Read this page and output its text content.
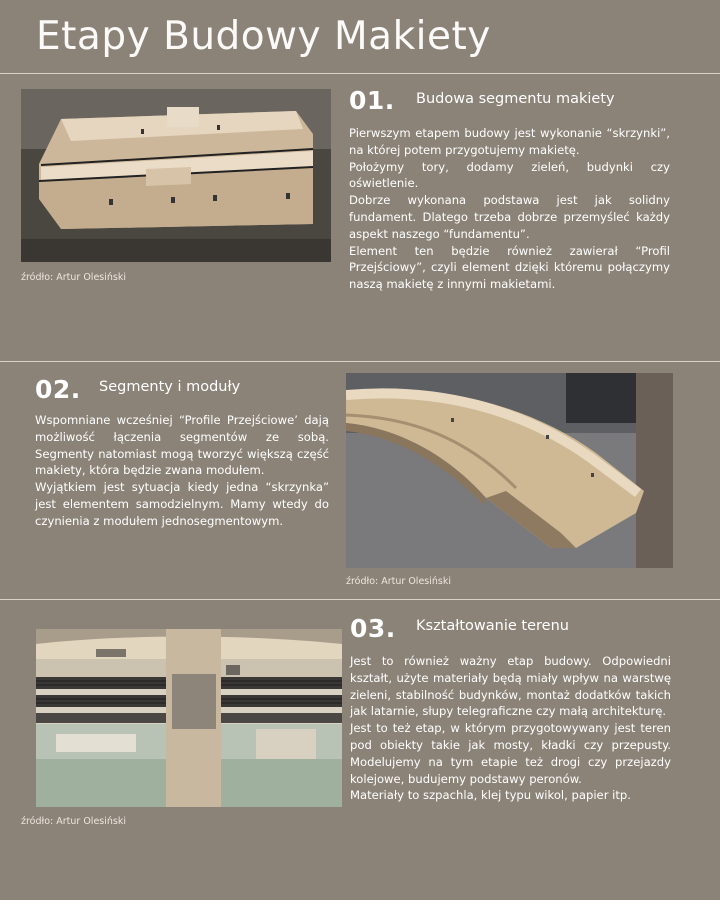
Etapy Budowy Makiety
źródło: Artur Olesiński
01. Budowa segmentu makiety

Pierwszym etapem budowy jest wykonanie “skrzynki”, na której potem przygotujemy makietę.

Położymy tory, dodamy zieleń, budynki czy oświetlenie.

Dobrze wykonana podstawa jest jak solidny fundament. Dlatego trzeba dobrze przemyśleć każdy aspekt naszego “fundamentu”.

Element ten będzie również zawierał “Profil Przejściowy”, czyli element dzięki któremu połączymy naszą makietę z innymi makietami.

02. Segmenty i moduły

Wspomniane wcześniej “Profile Przejściowe’ dają możliwość łączenia segmentów ze sobą. Segmenty natomiast mogą tworzyć większą część makiety, która będzie zwana modułem.

Wyjątkiem jest sytuacja kiedy jedna “skrzynka” jest elementem samodzielnym. Mamy wtedy do czynienia z modułem jednosegmentowym.

źródło: Artur Olesiński
źródło: Artur Olesiński
03. Kształtowanie terenu

Jest to również ważny etap budowy. Odpowiedni kształt, użyte materiały będą miały wpływ na warstwę zieleni, stabilność budynków, montaż dodatków takich jak latarnie, słupy telegraficzne czy małą architekturę.

Jest to też etap, w którym przygotowywany jest teren pod obiekty takie jak mosty, kładki czy przepusty. Modelujemy na tym etapie też drogi czy przejazdy kolejowe, budujemy podstawy peronów.

Materiały to szpachla, klej typu wikol, papier itp.
